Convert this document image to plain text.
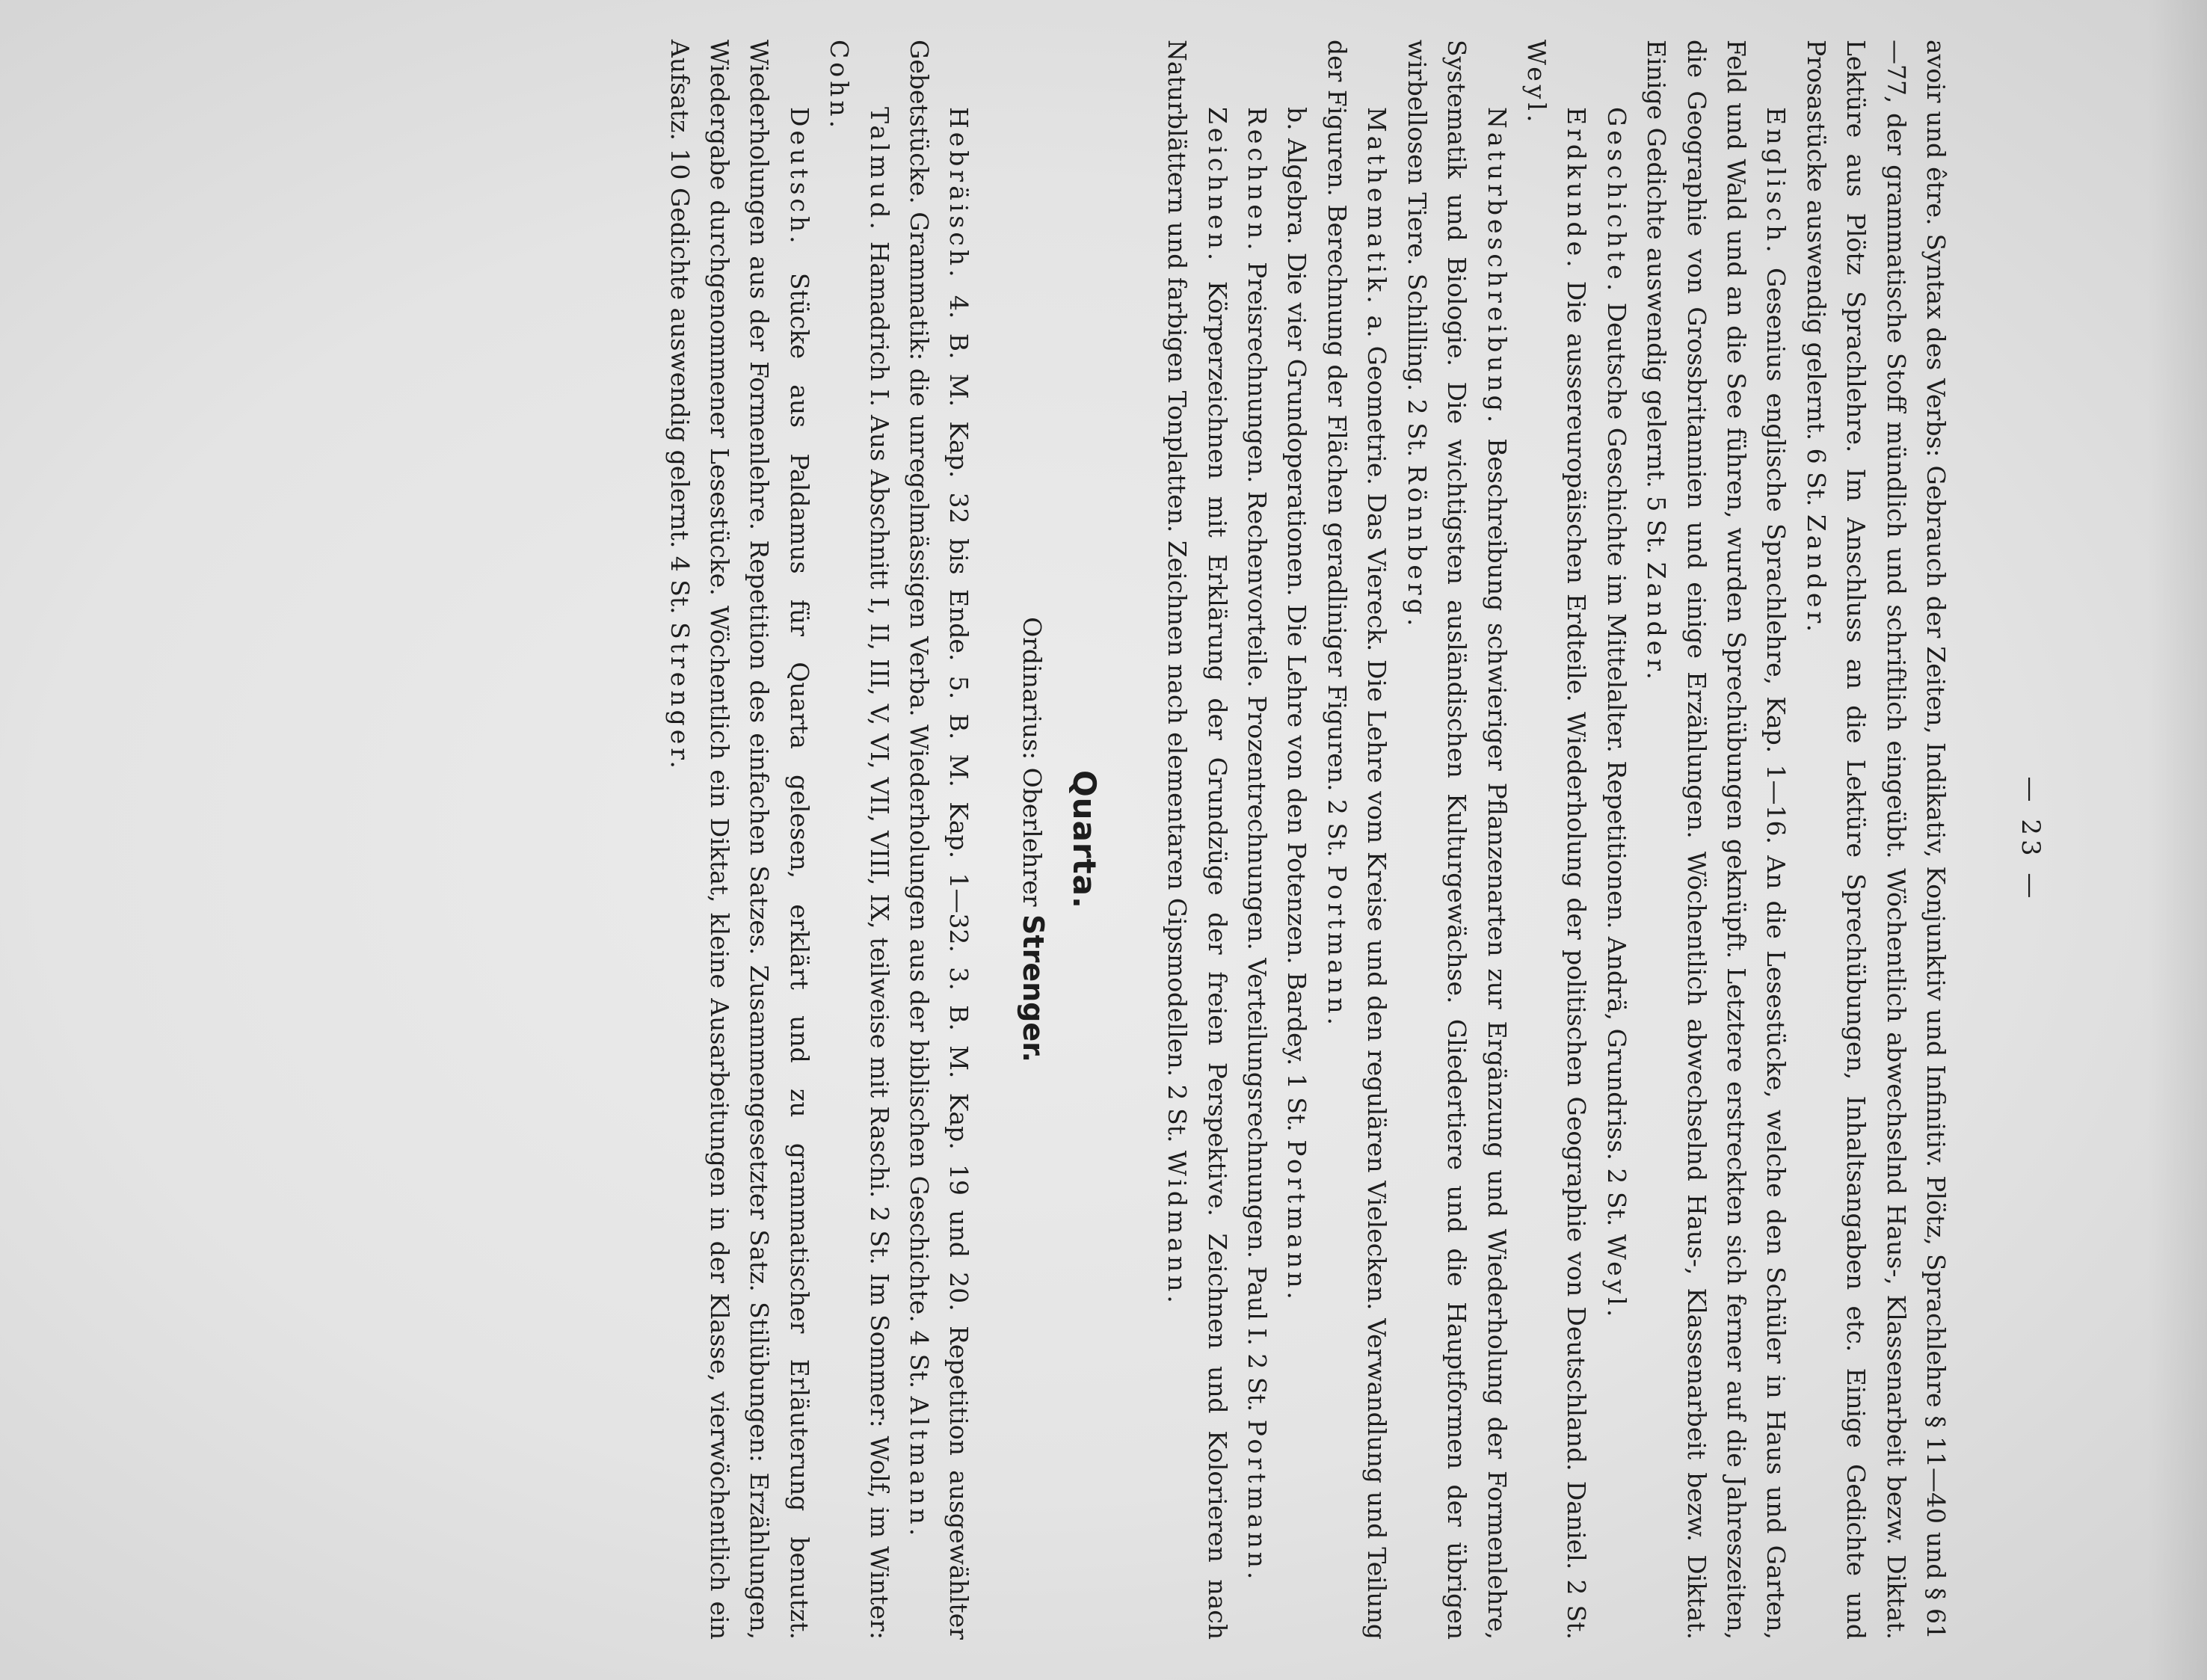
— 23 —

avoir und être. Syntax des Verbs: Gebrauch der Zeiten, Indikativ, Konjunktiv und Infinitiv. Plötz, Sprachlehre § 11—40 und § 61—77, der grammatische Stoff mündlich und schriftlich eingeübt. Wöchentlich abwechselnd Haus-, Klassenarbeit bezw. Diktat. Lektüre aus Plötz Sprachlehre. Im Anschluss an die Lektüre Sprechübungen, Inhaltsangaben etc. Einige Gedichte und Prosastücke auswendig gelernt. 6 St. Zander.

Englisch. Gesenius englische Sprachlehre, Kap. 1—16. An die Lesestücke, welche den Schüler in Haus und Garten, Feld und Wald und an die See führen, wurden Sprechübungen geknüpft. Letztere erstreckten sich ferner auf die Jahreszeiten, die Geographie von Grossbritannien und einige Erzählungen. Wöchentlich abwechselnd Haus-, Klassenarbeit bezw. Diktat. Einige Gedichte auswendig gelernt. 5 St. Zander.

Geschichte. Deutsche Geschichte im Mittelalter. Repetitionen. Andrä, Grundriss. 2 St. Weyl.

Erdkunde. Die aussereuropäischen Erdteile. Wiederholung der politischen Geographie von Deutschland. Daniel. 2 St. Weyl.

Naturbeschreibung. Beschreibung schwieriger Pflanzenarten zur Ergänzung und Wiederholung der Formenlehre, Systematik und Biologie. Die wichtigsten ausländischen Kulturgewächse. Gliedertiere und die Hauptformen der übrigen wirbellosen Tiere. Schilling. 2 St. Rönnberg.

Mathematik. a. Geometrie. Das Viereck. Die Lehre vom Kreise und den regulären Vielecken. Verwandlung und Teilung der Figuren. Berechnung der Flächen geradliniger Figuren. 2 St. Portmann.

b. Algebra. Die vier Grundoperationen. Die Lehre von den Potenzen. Bardey. 1 St. Portmann.

Rechnen. Preisrechnungen. Rechenvorteile. Prozentrechnungen. Verteilungsrechnungen. Paul I. 2 St. Portmann.

Zeichnen. Körperzeichnen mit Erklärung der Grundzüge der freien Perspektive. Zeichnen und Kolorieren nach Naturblättern und farbigen Tonplatten. Zeichnen nach elementaren Gipsmodellen. 2 St. Widmann.

Quarta.
Ordinarius: Oberlehrer Strenger.

Hebräisch. 4. B. M. Kap. 32 bis Ende. 5. B. M. Kap. 1—32. 3. B. M. Kap. 19 und 20. Repetition ausgewählter Gebetstücke. Grammatik: die unregelmässigen Verba. Wiederholungen aus der biblischen Geschichte. 4 St. Altmann.

Talmud. Hamadrich I. Aus Abschnitt I, II, III, V, VI, VII, VIII, IX, teilweise mit Raschi. 2 St. Im Sommer: Wolf, im Winter: Cohn.

Deutsch. Stücke aus Paldamus für Quarta gelesen, erklärt und zu grammatischer Erläuterung benutzt. Wiederholungen aus der Formenlehre. Repetition des einfachen Satzes. Zusammengesetzter Satz. Stilübungen: Erzählungen, Wiedergabe durchgenommener Lesestücke. Wöchentlich ein Diktat, kleine Ausarbeitungen in der Klasse, vierwöchentlich ein Aufsatz. 10 Gedichte auswendig gelernt. 4 St. Strenger.
